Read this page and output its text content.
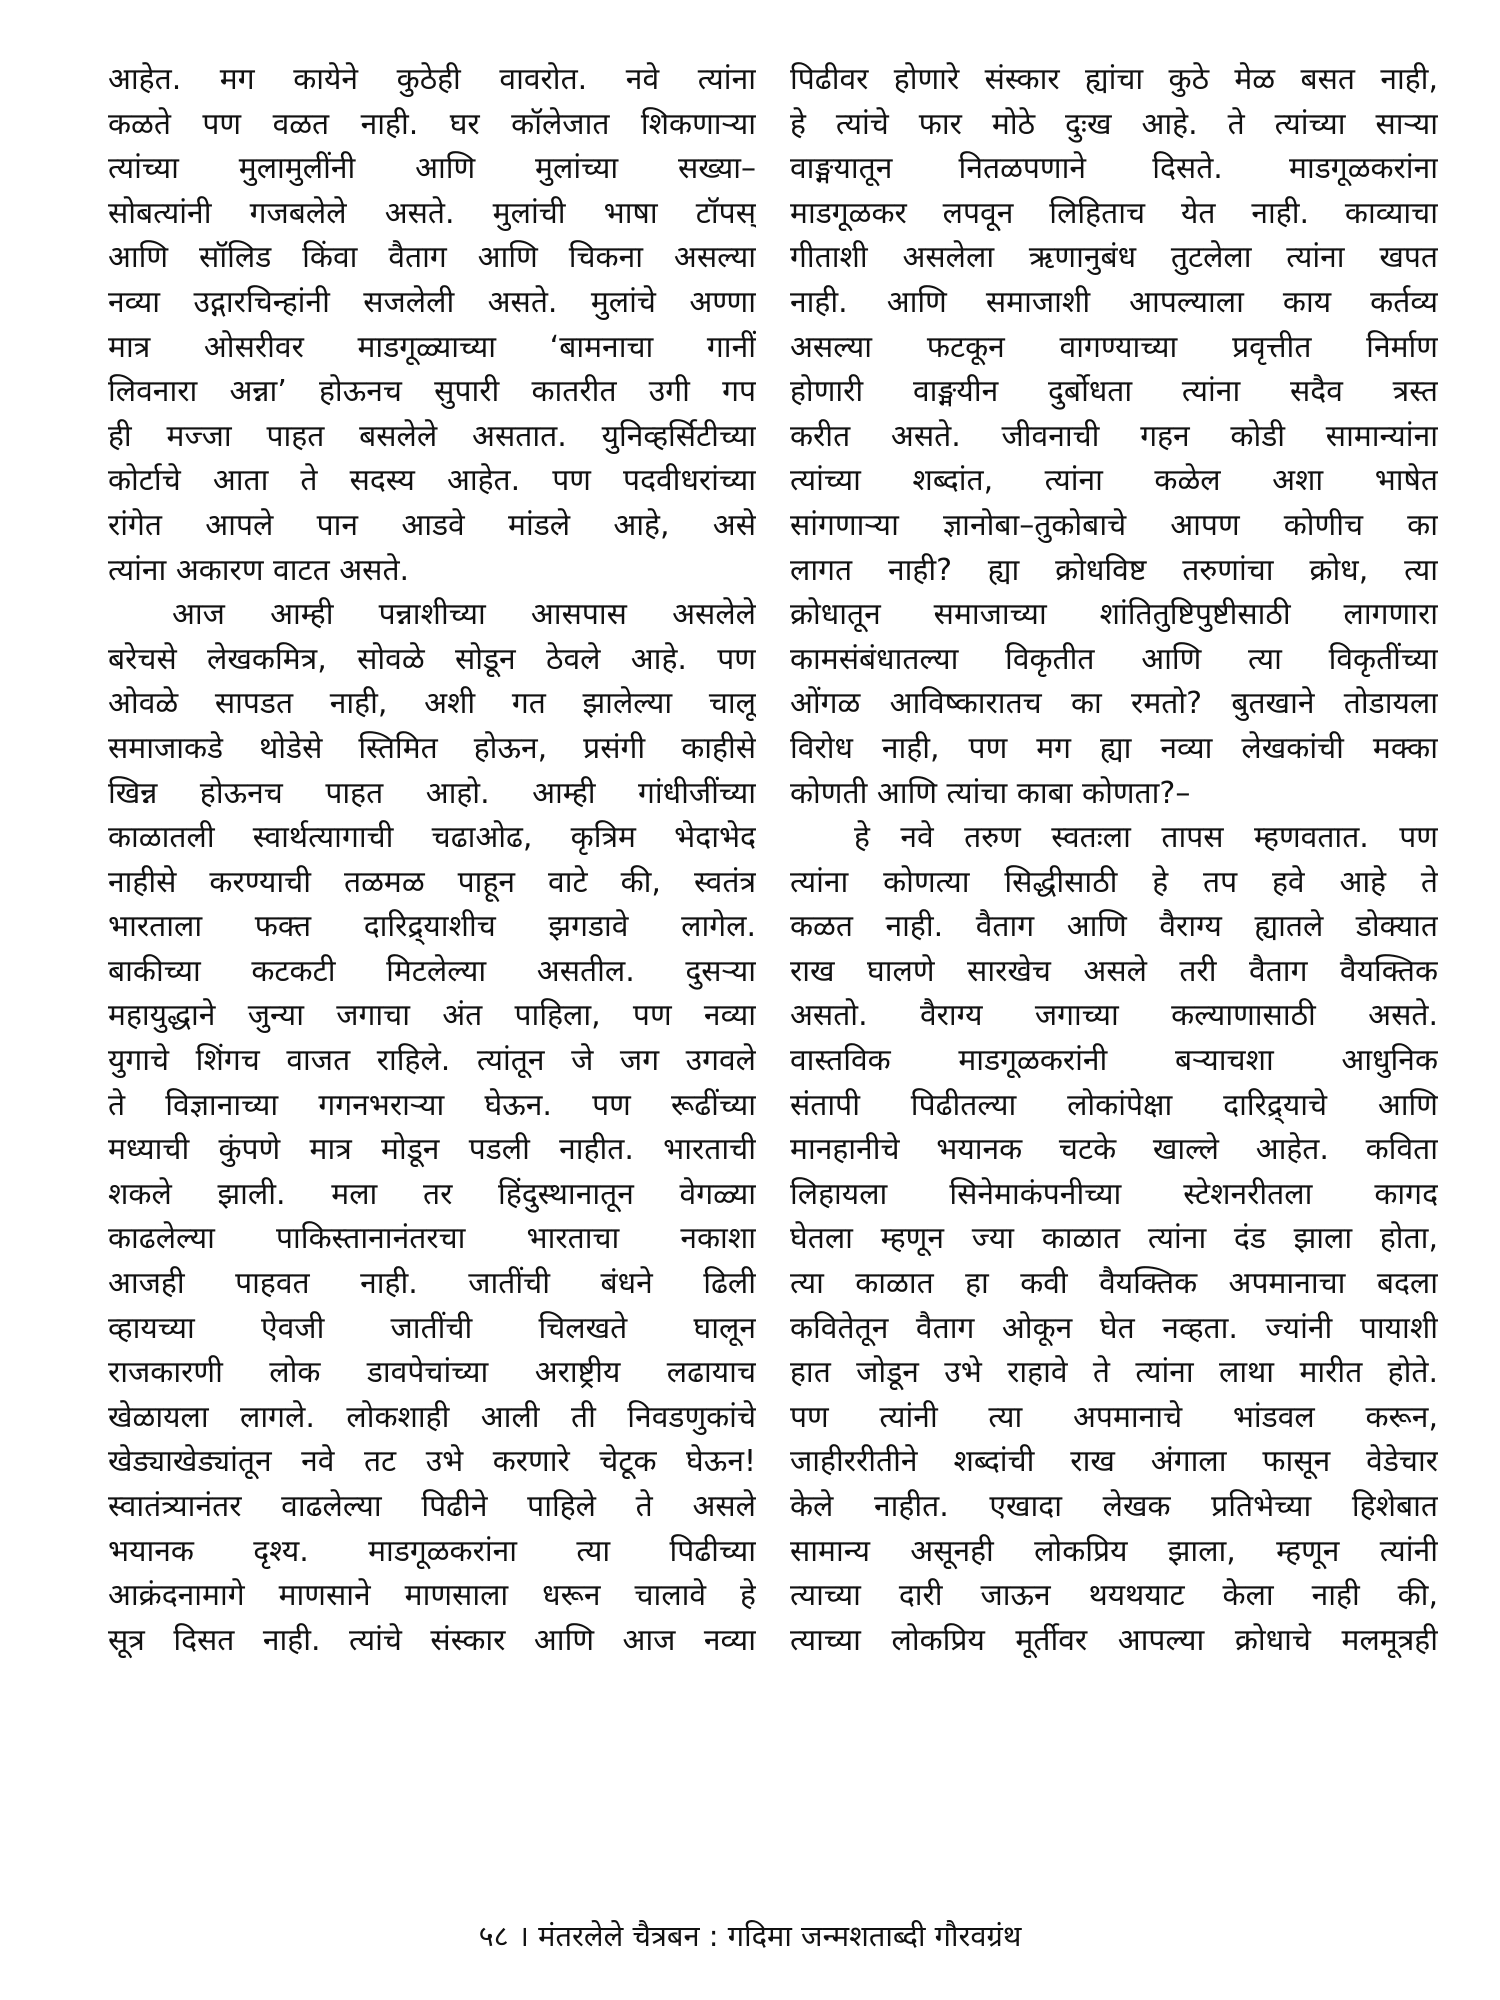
आहेत. मग कायेने कुठेही वावरोत. नवे त्यांना
कळते पण वळत नाही. घर कॉलेजात शिकणाऱ्या
त्यांच्या मुलामुलींनी आणि मुलांच्या सख्या–
सोबत्यांनी गजबलेले असते. मुलांची भाषा टॉपस्
आणि सॉलिड किंवा वैताग आणि चिकना असल्या
नव्या उद्गारचिन्हांनी सजलेली असते. मुलांचे अण्णा
मात्र ओसरीवर माडगूळ्याच्या ‘बामनाचा गानीं
लिवनारा अन्ना’ होऊनच सुपारी कातरीत उगी गप
ही मज्जा पाहत बसलेले असतात. युनिव्हर्सिटीच्या
कोर्टाचे आता ते सदस्य आहेत. पण पदवीधरांच्या
रांगेत आपले पान आडवे मांडले आहे, असे
त्यांना अकारण वाटत असते.
आज आम्ही पन्नाशीच्या आसपास असलेले
बरेचसे लेखकमित्र, सोवळे सोडून ठेवले आहे. पण
ओवळे सापडत नाही, अशी गत झालेल्या चालू
समाजाकडे थोडेसे स्तिमित होऊन, प्रसंगी काहीसे
खिन्न होऊनच पाहत आहो. आम्ही गांधीजींच्या
काळातली स्वार्थत्यागाची चढाओढ, कृत्रिम भेदाभेद
नाहीसे करण्याची तळमळ पाहून वाटे की, स्वतंत्र
भारताला फक्त दारिद्र्याशीच झगडावे लागेल.
बाकीच्या कटकटी मिटलेल्या असतील. दुसऱ्या
महायुद्धाने जुन्या जगाचा अंत पाहिला, पण नव्या
युगाचे शिंगच वाजत राहिले. त्यांतून जे जग उगवले
ते विज्ञानाच्या गगनभराऱ्या घेऊन. पण रूढींच्या
मध्याची कुंपणे मात्र मोडून पडली नाहीत. भारताची
शकले झाली. मला तर हिंदुस्थानातून वेगळ्या
काढलेल्या पाकिस्तानानंतरचा भारताचा नकाशा
आजही पाहवत नाही. जातींची बंधने ढिली
व्हायच्या ऐवजी जातींची चिलखते घालून
राजकारणी लोक डावपेचांच्या अराष्ट्रीय लढायाच
खेळायला लागले. लोकशाही आली ती निवडणुकांचे
खेड्याखेड्यांतून नवे तट उभे करणारे चेटूक घेऊन!
स्वातंत्र्यानंतर वाढलेल्या पिढीने पाहिले ते असले
भयानक दृश्य. माडगूळकरांना त्या पिढीच्या
आक्रंदनामागे माणसाने माणसाला धरून चालावे हे
सूत्र दिसत नाही. त्यांचे संस्कार आणि आज नव्या
पिढीवर होणारे संस्कार ह्यांचा कुठे मेळ बसत नाही,
हे त्यांचे फार मोठे दुःख आहे. ते त्यांच्या साऱ्या
वाङ्मयातून नितळपणाने दिसते. माडगूळकरांना
माडगूळकर लपवून लिहिताच येत नाही. काव्याचा
गीताशी असलेला ऋणानुबंध तुटलेला त्यांना खपत
नाही. आणि समाजाशी आपल्याला काय कर्तव्य
असल्या फटकून वागण्याच्या प्रवृत्तीत निर्माण
होणारी वाङ्मयीन दुर्बोधता त्यांना सदैव त्रस्त
करीत असते. जीवनाची गहन कोडी सामान्यांना
त्यांच्या शब्दांत, त्यांना कळेल अशा भाषेत
सांगणाऱ्या ज्ञानोबा–तुकोबाचे आपण कोणीच का
लागत नाही? ह्या क्रोधविष्ट तरुणांचा क्रोध, त्या
क्रोधातून समाजाच्या शांतितुष्टिपुष्टीसाठी लागणारा
कामसंबंधातल्या विकृतीत आणि त्या विकृतींच्या
ओंगळ आविष्कारातच का रमतो? बुतखाने तोडायला
विरोध नाही, पण मग ह्या नव्या लेखकांची मक्का
कोणती आणि त्यांचा काबा कोणता?–
हे नवे तरुण स्वतःला तापस म्हणवतात. पण
त्यांना कोणत्या सिद्धीसाठी हे तप हवे आहे ते
कळत नाही. वैताग आणि वैराग्य ह्यातले डोक्यात
राख घालणे सारखेच असले तरी वैताग वैयक्तिक
असतो. वैराग्य जगाच्या कल्याणासाठी असते.
वास्तविक माडगूळकरांनी बऱ्याचशा आधुनिक
संतापी पिढीतल्या लोकांपेक्षा दारिद्र्याचे आणि
मानहानीचे भयानक चटके खाल्ले आहेत. कविता
लिहायला सिनेमाकंपनीच्या स्टेशनरीतला कागद
घेतला म्हणून ज्या काळात त्यांना दंड झाला होता,
त्या काळात हा कवी वैयक्तिक अपमानाचा बदला
कवितेतून वैताग ओकून घेत नव्हता. ज्यांनी पायाशी
हात जोडून उभे राहावे ते त्यांना लाथा मारीत होते.
पण त्यांनी त्या अपमानाचे भांडवल करून,
जाहीररीतीने शब्दांची राख अंगाला फासून वेडेचार
केले नाहीत. एखादा लेखक प्रतिभेच्या हिशेबात
सामान्य असूनही लोकप्रिय झाला, म्हणून त्यांनी
त्याच्या दारी जाऊन थयथयाट केला नाही की,
त्याच्या लोकप्रिय मूर्तीवर आपल्या क्रोधाचे मलमूत्रही
५८ । मंतरलेले चैत्रबन : गदिमा जन्मशताब्दी गौरवग्रंथ
